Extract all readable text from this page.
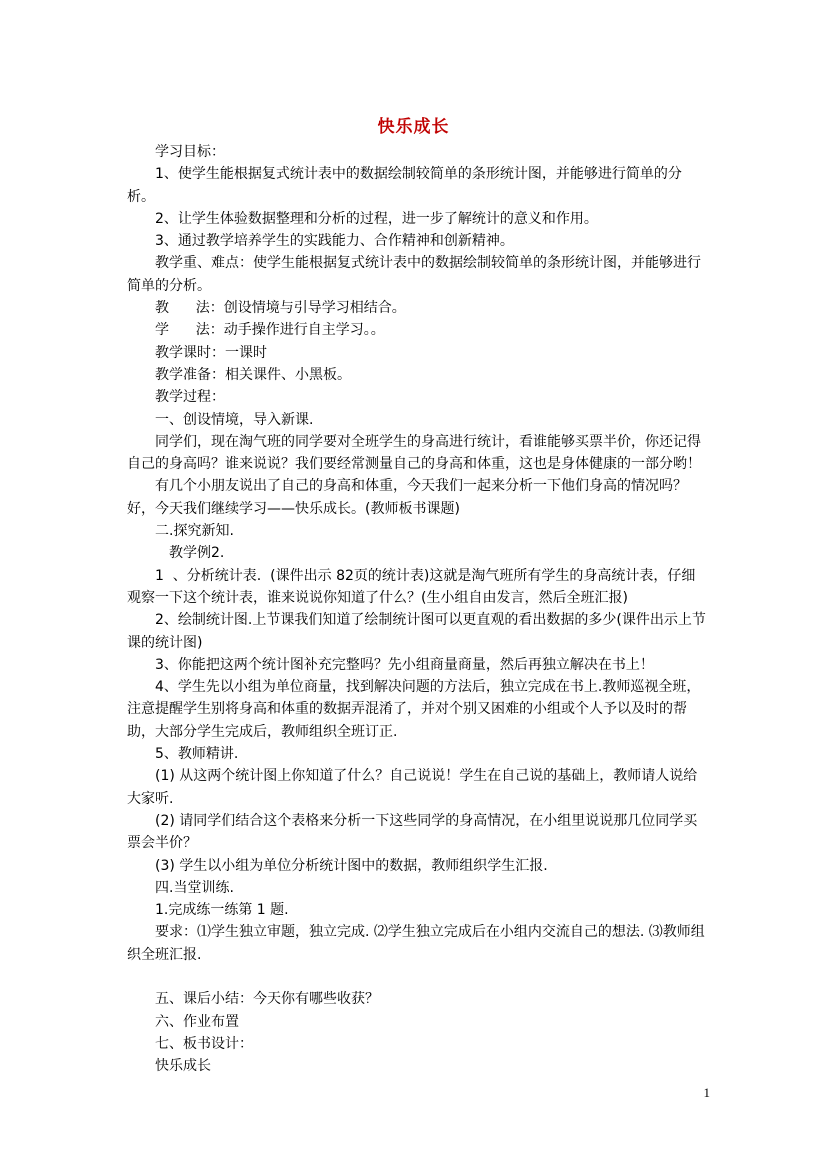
快乐成长

学习目标：

1、使学生能根据复式统计表中的数据绘制较简单的条形统计图，并能够进行简单的分析。

2、让学生体验数据整理和分析的过程，进一步了解统计的意义和作用。

3、通过教学培养学生的实践能力、合作精神和创新精神。

教学重、难点：使学生能根据复式统计表中的数据绘制较简单的条形统计图，并能够进行简单的分析。

教      法：创设情境与引导学习相结合。

学      法：动手操作进行自主学习。。

教学课时：一课时

教学准备：相关课件、小黑板。

教学过程：

一、创设情境，导入新课.

同学们，现在淘气班的同学要对全班学生的身高进行统计，看谁能够买票半价，你还记得自己的身高吗？谁来说说？我们要经常测量自己的身高和体重，这也是身体健康的一部分哟！

有几个小朋友说出了自己的身高和体重，今天我们一起来分析一下他们身高的情况吗？好，今天我们继续学习——快乐成长。(教师板书课题)

二.探究新知.

教学例2.

1  、分析统计表.  (课件出示 82页的统计表)这就是淘气班所有学生的身高统计表，仔细观察一下这个统计表，谁来说说你知道了什么？(生小组自由发言，然后全班汇报)

2、绘制统计图.上节课我们知道了绘制统计图可以更直观的看出数据的多少(课件出示上节课的统计图)

3、你能把这两个统计图补充完整吗？先小组商量商量，然后再独立解决在书上！

4、学生先以小组为单位商量，找到解决问题的方法后，独立完成在书上.教师巡视全班，注意提醒学生别将身高和体重的数据弄混淆了，并对个别又困难的小组或个人予以及时的帮助，大部分学生完成后，教师组织全班订正.

5、教师精讲.

(1) 从这两个统计图上你知道了什么？自己说说！学生在自己说的基础上，教师请人说给大家听.

(2) 请同学们结合这个表格来分析一下这些同学的身高情况，在小组里说说那几位同学买票会半价？

(3) 学生以小组为单位分析统计图中的数据，教师组织学生汇报.

四.当堂训练.

1.完成练一练第 1 题.

要求：⑴学生独立审题，独立完成. ⑵学生独立完成后在小组内交流自己的想法. ⑶教师组织全班汇报.

五、课后小结：今天你有哪些收获？

六、作业布置

七、板书设计：

快乐成长

1
